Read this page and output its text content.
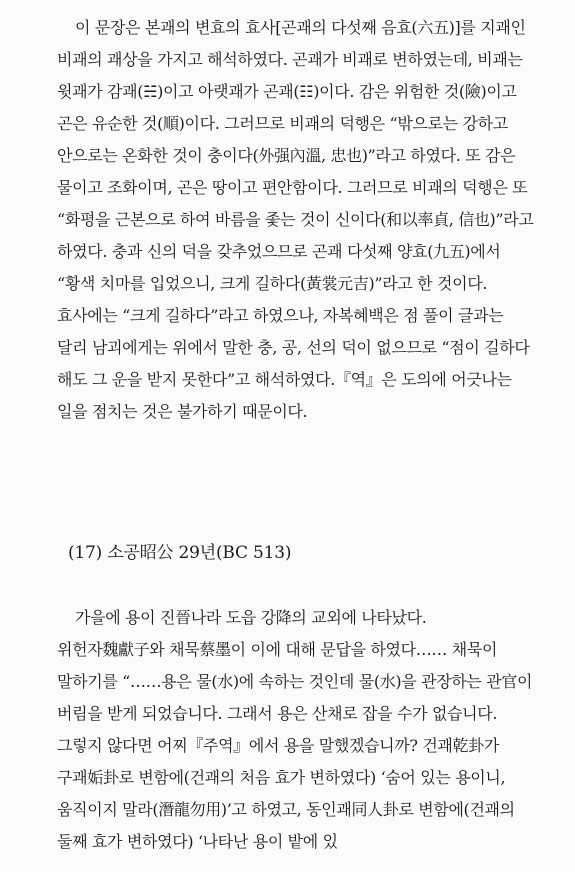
이 문장은 본괘의 변효의 효사[곤괘의 다섯째 음효(六五)]를 지괘인 비괘의 괘상을 가지고 해석하였다. 곤괘가 비괘로 변하였는데, 비괘는 윗괘가 감괘(☵)이고 아랫괘가 곤괘(☷)이다. 감은 위험한 것(險)이고 곤은 유순한 것(順)이다. 그러므로 비괘의 덕행은 “밖으로는 강하고 안으로는 온화한 것이 충이다(外强內溫, 忠也)”라고 하였다. 또 감은 물이고 조화이며, 곤은 땅이고 편안함이다. 그러므로 비괘의 덕행은 또 “화평을 근본으로 하여 바름을 좇는 것이 신이다(和以率貞, 信也)”라고 하였다. 충과 신의 덕을 갖추었으므로 곤괘 다섯째 양효(九五)에서 “황색 치마를 입었으니, 크게 길하다(黃裳元吉)”라고 한 것이다. 효사에는 “크게 길하다”라고 하였으나, 자복혜백은 점 풀이 글과는 달리 남괴에게는 위에서 말한 충, 공, 선의 덕이 없으므로 “점이 길하다 해도 그 운을 받지 못한다”고 해석하였다.『역』은 도의에 어긋나는 일을 점치는 것은 불가하기 때문이다.

(17) 소공昭公 29년(BC 513)

가을에 용이 진晉나라 도읍 강降의 교외에 나타났다. 위헌자魏獻子와 채묵蔡墨이 이에 대해 문답을 하였다…… 채묵이 말하기를 “……용은 물(水)에 속하는 것인데 물(水)을 관장하는 관官이 버림을 받게 되었습니다. 그래서 용은 산채로 잡을 수가 없습니다. 그렇지 않다면 어찌『주역』에서 용을 말했겠습니까? 건괘乾卦가 구괘姤卦로 변함에(건괘의 처음 효가 변하였다) ‘숨어 있는 용이니, 움직이지 말라(潛龍勿用)’고 하였고, 동인괘同人卦로 변함에(건괘의 둘째 효가 변하였다) ‘나타난 용이 밭에 있
